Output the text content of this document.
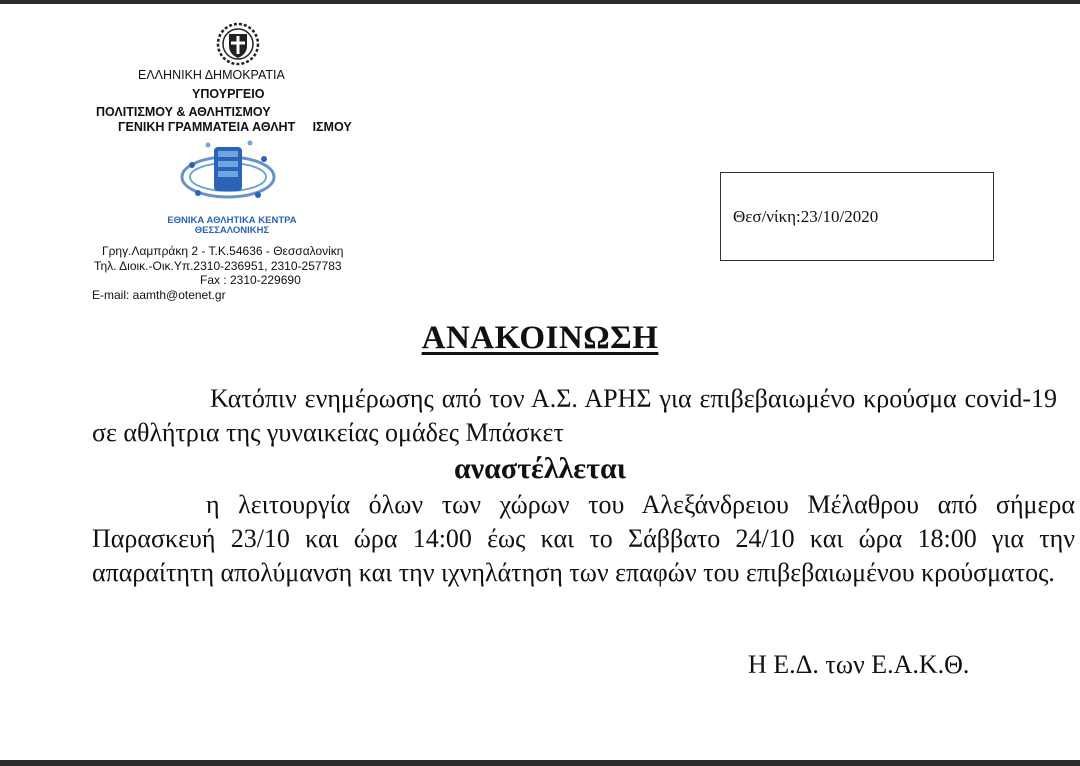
ΕΛΛΗΝΙΚΗ ΔΗΜΟΚΡΑΤΙΑ
ΥΠΟΥΡΓΕΙΟ
ΠΟΛΙΤΙΣΜΟΥ & ΑΘΛΗΤΙΣΜΟΥ
ΓΕΝΙΚΗ ΓΡΑΜΜΑΤΕΙΑ ΑΘΛΗΤ     ΙΣΜΟΥ
ΕΘΝΙΚΑ ΑΘΛΗΤΙΚΑ ΚΕΝΤΡΑ
ΘΕΣΣΑΛΟΝΙΚΗΣ
Γρηγ.Λαμπράκη 2 - Τ.Κ.54636 - Θεσσαλονίκη
Τηλ. Διοικ.-Οικ.Υπ.2310-236951, 2310-257783
Fax : 2310-229690
E-mail: aamth@otenet.gr
Θεσ/νίκη:23/10/2020
ΑΝΑΚΟΙΝΩΣΗ
Κατόπιν ενημέρωσης από τον Α.Σ. ΑΡΗΣ για επιβεβαιωμένο κρούσμα covid-19 σε αθλήτρια της γυναικείας ομάδες Μπάσκετ
αναστέλλεται
η λειτουργία όλων των χώρων του Αλεξάνδρειου Μέλαθρου από σήμερα Παρασκευή 23/10 και ώρα 14:00 έως και το Σάββατο 24/10 και ώρα 18:00 για την απαραίτητη απολύμανση και την ιχνηλάτηση των επαφών του επιβεβαιωμένου κρούσματος.
Η Ε.Δ. των Ε.Α.Κ.Θ.
